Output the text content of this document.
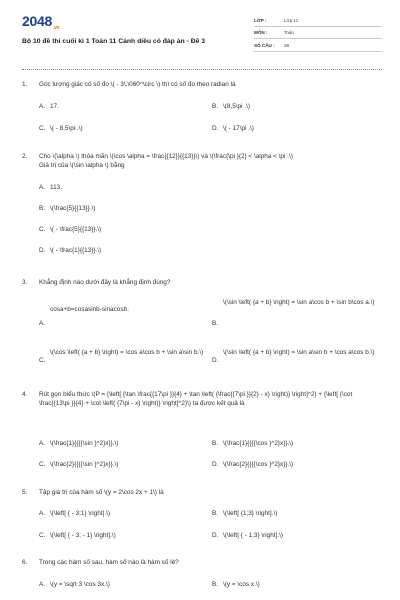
$2048_{.vn}$
Bộ 10 đề thi cuối kì 1 Toán 11 Cánh diều có đáp án - Đề 3
LỚP :	Lớp 11
MÔN :	Toán
SỐ CÂU :	38
1. Góc lượng giác có số đo \( - 3\,\060^\circ \) thì có số đo theo radian là
A. 17.	B. \(8,5\pi .\)
C. \( - 8,5\pi .\)	D. \( - 17\pi .\)
2. Cho \(\alpha \) thỏa mãn \(\cos \alpha = \frac{{12}}{{13}}\) và \(\frac{\pi }{2} < \alpha < \pi .\)
Giá trị của \(\sin \alpha \) bằng
A. 113.
B. \(\frac{5}{{13}}.\)
C. \( - \frac{5}{{13}}.\)
D. \( - \frac{1}{{13}}.\)
3. Khẳng định nào dưới đây là khẳng định đúng?
A.
cosa+b=cosasinb-sinacosb.
B.
\(\sin \left( {a + b} \right) = \sin a\cos b + \sin b\cos a.\)
C.
\(\cos \left( {a + b} \right) = \cos a\cos b + \sin a\sin b.\)
D.
\(\sin \left( {a + b} \right) = \sin a\sin b + \cos a\cos b.\)
4. Rút gọn biểu thức \(P = {\left[ {\tan \frac{{17\pi }}{4} + \tan \left( {\frac{{7\pi }}{2} - x} \right)} \right]^2} + {\left[ {\cot \frac{{13\pi }}{4} + \cot \left( {7\pi - x} \right)} \right]^2}\) ta được kết quả là
A. \(\frac{1}{{{{\sin }^2}x}}.\)	B. \(\frac{1}{{{{\cos }^2}x}}.\)
C. \(\frac{2}{{{{\sin }^2}x}}.\)	D. \(\frac{2}{{{{\cos }^2}x}}.\)
5. Tập giá trị của hàm số \(y = 2\cos 2x + 1\) là
A. \(\left[ { - 3;1} \right].\)	B. \(\left[ {1;3} \right].\)
C. \(\left[ { - 3; - 1} \right].\)	D. \(\left[ { - 1;3} \right].\)
6. Trong các hàm số sau, hàm số nào là hàm số lẻ?
A. \(y = \sqrt 3 \cos 3x.\)	B. \(y = \cos x.\)
